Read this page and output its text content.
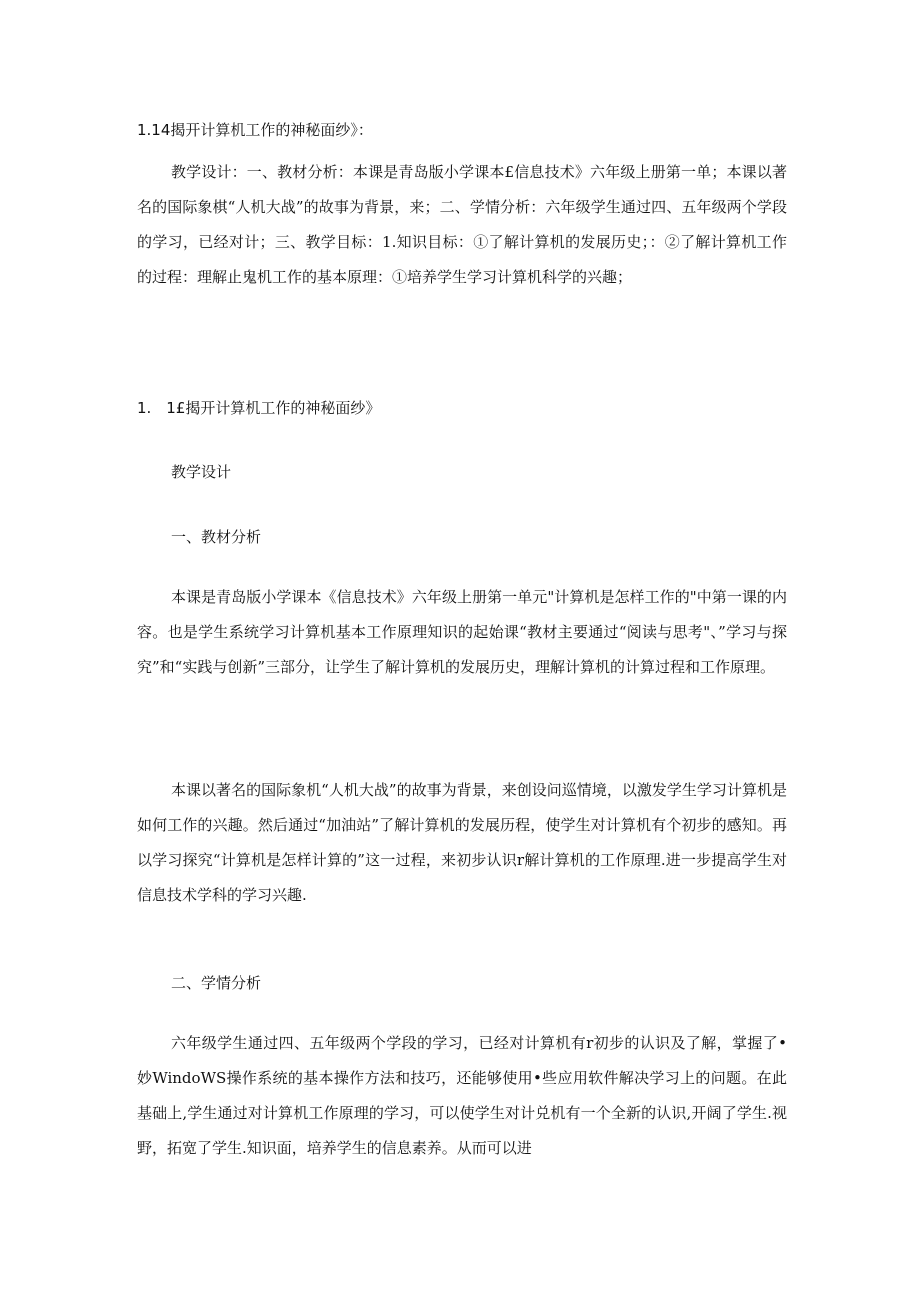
1.14揭开计算机工作的神秘面纱》：

教学设计：一、教材分析：本课是青岛版小学课本£信息技术》六年级上册第一单；本课以著名的国际象棋“人机大战”的故事为背景，来；二、学情分析：六年级学生通过四、五年级两个学段的学习，已经对计；三、教学目标：1.知识目标：①了解计算机的发展历史；：②了解计算机工作的过程：理解止鬼机工作的基本原理：①培养学生学习计算机科学的兴趣；

1.　1£揭开计算机工作的神秘面纱》
教学设计
一、教材分析

本课是青岛版小学课本《信息技术》六年级上册第一单元"计算机是怎样工作的"中第一课的内容。也是学生系统学习计算机基本工作原理知识的起始课“教材主要通过“阅读与思考"、”学习与探究”和“实践与创新”三部分，让学生了解计算机的发展历史，理解计算机的计算过程和工作原理。

本课以著名的国际象机“人机大战”的故事为背景，来创设问巡情境，以激发学生学习计算机是如何工作的兴趣。然后通过“加油站”了解计算机的发展历程，使学生对计算机有个初步的感知。再以学习探究“计算机是怎样计算的”这一过程，来初步认识r解计算机的工作原理.进一步提高学生对信息技术学科的学习兴趣.

二、学情分析

六年级学生通过四、五年级两个学段的学习，已经对计算机有r初步的认识及了解，掌握了•妙WindoWS操作系统的基本操作方法和技巧，还能够使用•些应用软件解决学习上的问题。在此基础上,学生通过对计算机工作原理的学习，可以使学生对计兑机有一个全新的认识,开阔了学生.视野，拓宽了学生.知识面，培养学生的信息素养。从而可以进
